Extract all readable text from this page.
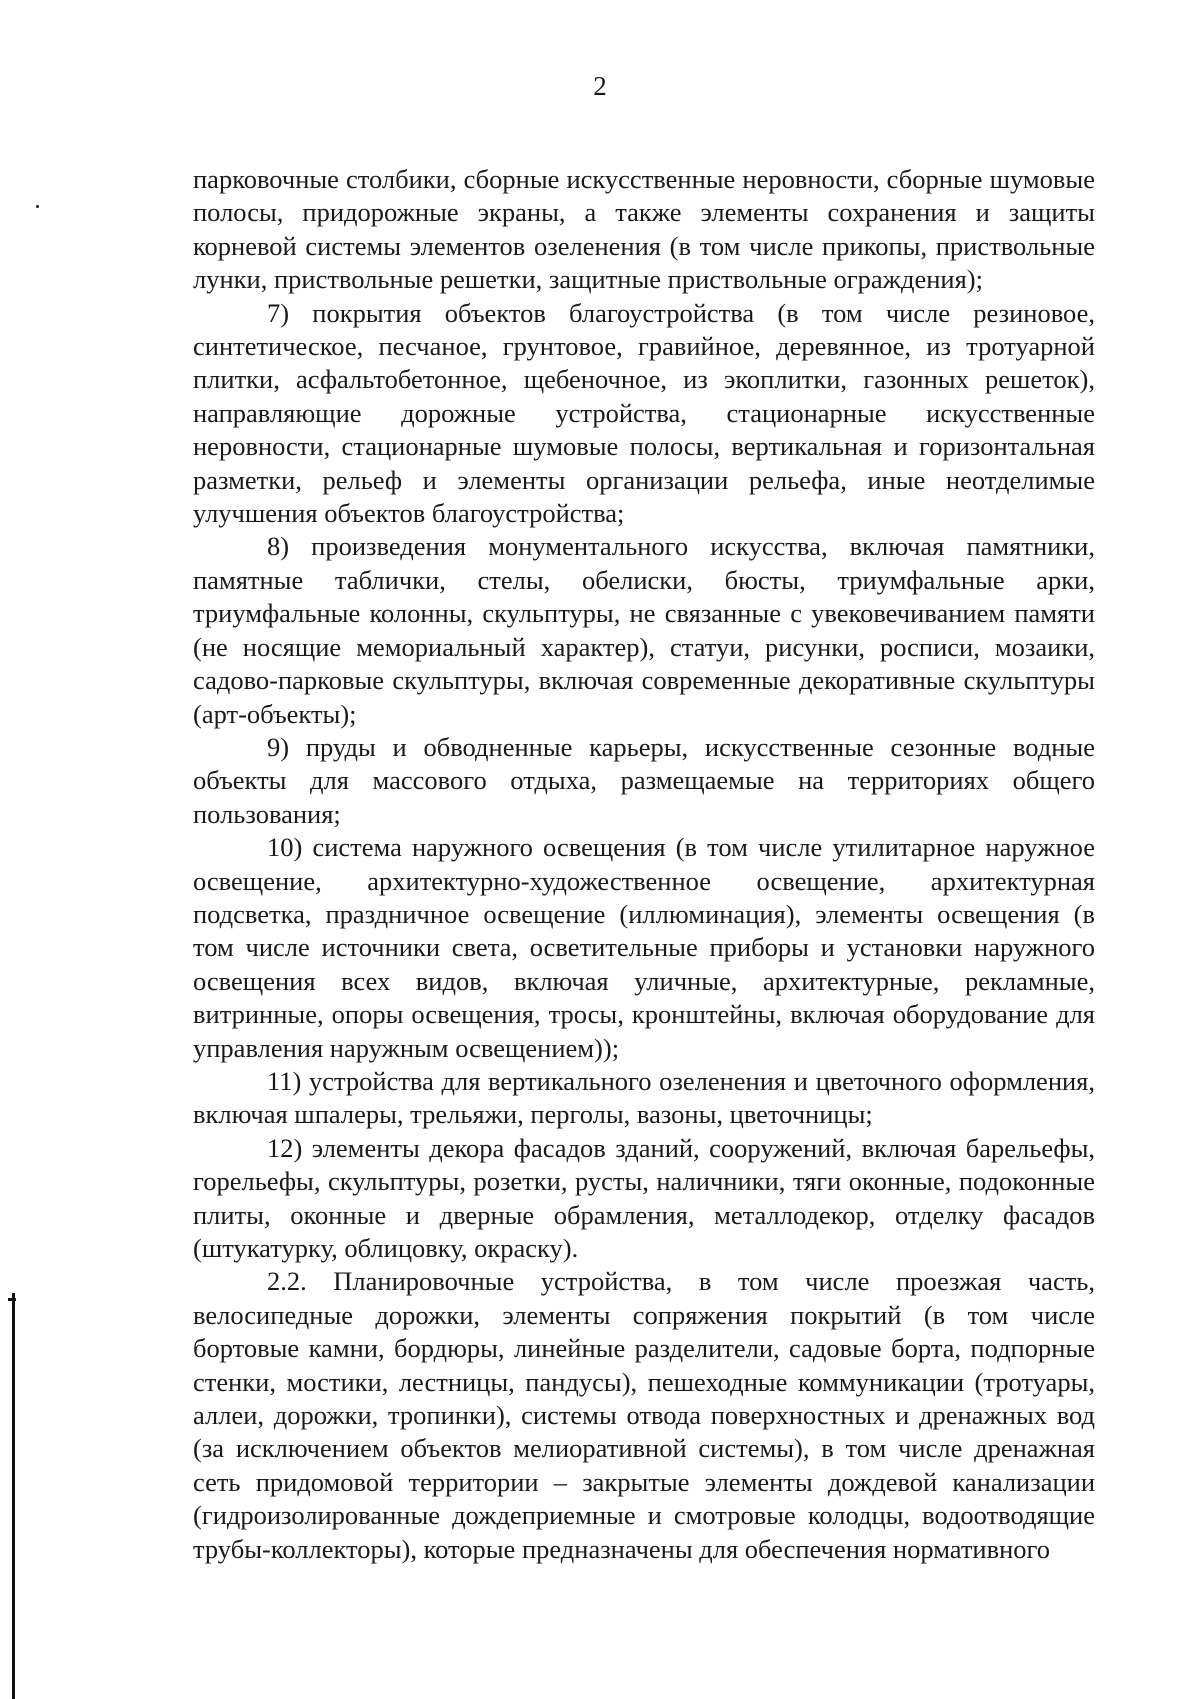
2

парковочные столбики, сборные искусственные неровности, сборные шумовые полосы, придорожные экраны, а также элементы сохранения и защиты корневой системы элементов озеленения (в том числе прикопы, приствольные лунки, приствольные решетки, защитные приствольные ограждения);

7) покрытия объектов благоустройства (в том числе резиновое, синтетическое, песчаное, грунтовое, гравийное, деревянное, из тротуарной плитки, асфальтобетонное, щебеночное, из экоплитки, газонных решеток), направляющие дорожные устройства, стационарные искусственные неровности, стационарные шумовые полосы, вертикальная и горизонтальная разметки, рельеф и элементы организации рельефа, иные неотделимые улучшения объектов благоустройства;

8) произведения монументального искусства, включая памятники, памятные таблички, стелы, обелиски, бюсты, триумфальные арки, триумфальные колонны, скульптуры, не связанные с увековечиванием памяти (не носящие мемориальный характер), статуи, рисунки, росписи, мозаики, садово-парковые скульптуры, включая современные декоративные скульптуры (арт-объекты);

9) пруды и обводненные карьеры, искусственные сезонные водные объекты для массового отдыха, размещаемые на территориях общего пользования;

10) система наружного освещения (в том числе утилитарное наружное освещение, архитектурно-художественное освещение, архитектурная подсветка, праздничное освещение (иллюминация), элементы освещения (в том числе источники света, осветительные приборы и установки наружного освещения всех видов, включая уличные, архитектурные, рекламные, витринные, опоры освещения, тросы, кронштейны, включая оборудование для управления наружным освещением));

11) устройства для вертикального озеленения и цветочного оформления, включая шпалеры, трельяжи, перголы, вазоны, цветочницы;

12) элементы декора фасадов зданий, сооружений, включая барельефы, горельефы, скульптуры, розетки, русты, наличники, тяги оконные, подоконные плиты, оконные и дверные обрамления, металлодекор, отделку фасадов (штукатурку, облицовку, окраску).

2.2. Планировочные устройства, в том числе проезжая часть, велосипедные дорожки, элементы сопряжения покрытий (в том числе бортовые камни, бордюры, линейные разделители, садовые борта, подпорные стенки, мостики, лестницы, пандусы), пешеходные коммуникации (тротуары, аллеи, дорожки, тропинки), системы отвода поверхностных и дренажных вод (за исключением объектов мелиоративной системы), в том числе дренажная сеть придомовой территории – закрытые элементы дождевой канализации (гидроизолированные дождеприемные и смотровые колодцы, водоотводящие трубы-коллекторы), которые предназначены для обеспечения нормативного
